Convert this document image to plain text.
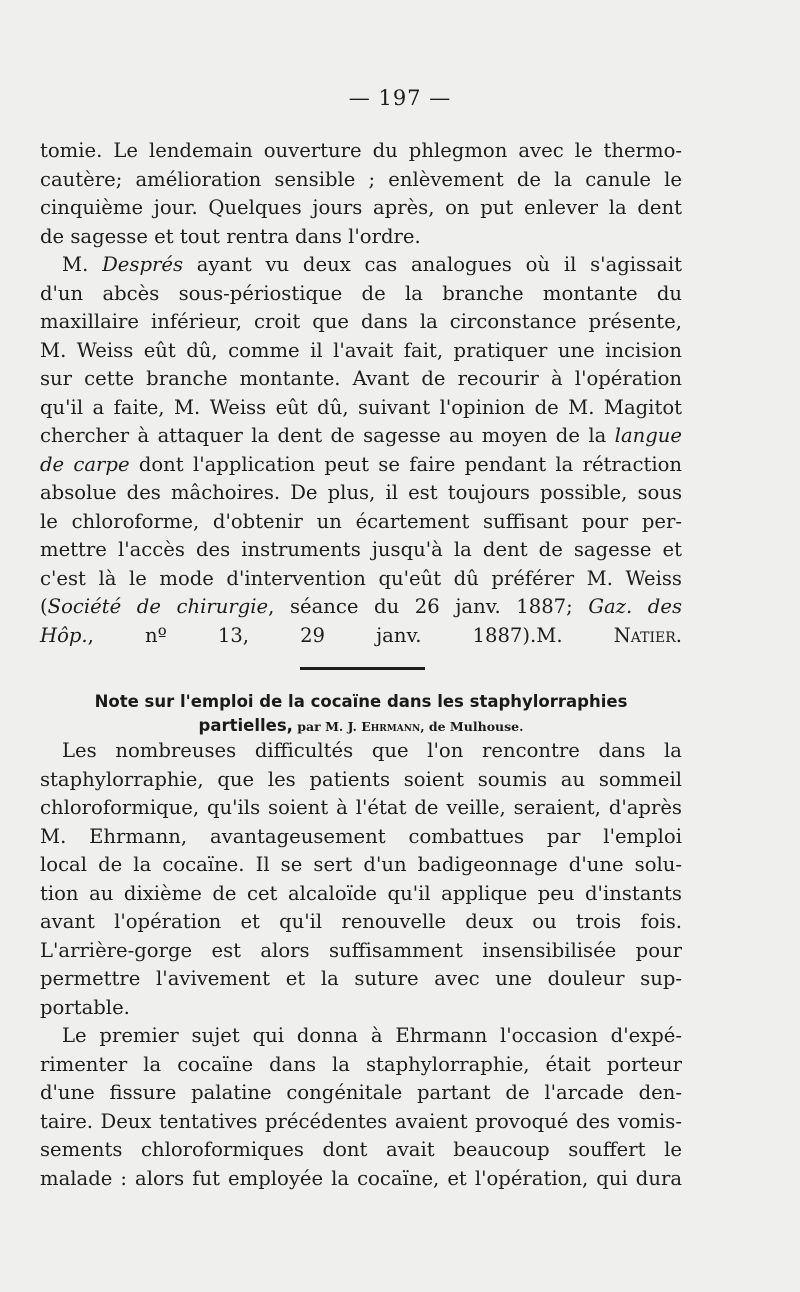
— 197 —
tomie. Le lendemain ouverture du phlegmon avec le thermo-
cautère; amélioration sensible ; enlèvement de la canule le
cinquième jour. Quelques jours après, on put enlever la dent
de sagesse et tout rentra dans l'ordre.
M. Després ayant vu deux cas analogues où il s'agissait
d'un abcès sous-périostique de la branche montante du
maxillaire inférieur, croit que dans la circonstance présente,
M. Weiss eût dû, comme il l'avait fait, pratiquer une incision
sur cette branche montante. Avant de recourir à l'opération
qu'il a faite, M. Weiss eût dû, suivant l'opinion de M. Magitot
chercher à attaquer la dent de sagesse au moyen de la langue
de carpe dont l'application peut se faire pendant la rétraction
absolue des mâchoires. De plus, il est toujours possible, sous
le chloroforme, d'obtenir un écartement suffisant pour per-
mettre l'accès des instruments jusqu'à la dent de sagesse et
c'est là le mode d'intervention qu'eût dû préférer M. Weiss
(Société de chirurgie, séance du 26 janv. 1887; Gaz. des
Hôp., nº 13, 29 janv. 1887).M. Natier.
Note sur l'emploi de la cocaïne dans les staphylorraphies
partielles, par M. J. Ehrmann, de Mulhouse.
Les nombreuses difficultés que l'on rencontre dans la
staphylorraphie, que les patients soient soumis au sommeil
chloroformique, qu'ils soient à l'état de veille, seraient, d'après
M. Ehrmann, avantageusement combattues par l'emploi
local de la cocaïne. Il se sert d'un badigeonnage d'une solu-
tion au dixième de cet alcaloïde qu'il applique peu d'instants
avant l'opération et qu'il renouvelle deux ou trois fois.
L'arrière-gorge est alors suffisamment insensibilisée pour
permettre l'avivement et la suture avec une douleur sup-
portable.
Le premier sujet qui donna à Ehrmann l'occasion d'expé-
rimenter la cocaïne dans la staphylorraphie, était porteur
d'une fissure palatine congénitale partant de l'arcade den-
taire. Deux tentatives précédentes avaient provoqué des vomis-
sements chloroformiques dont avait beaucoup souffert le
malade : alors fut employée la cocaïne, et l'opération, qui dura
